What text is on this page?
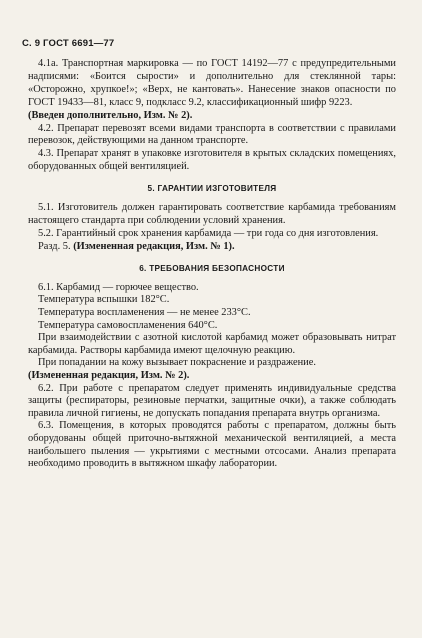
С. 9 ГОСТ 6691—77

4.1а. Транспортная маркировка — по ГОСТ 14192—77 с предупредительными надписями: «Боится сырости» и дополнительно для стеклянной тары: «Осторожно, хрупкое!»; «Верх, не кантовать». Нанесение знаков опасности по ГОСТ 19433—81, класс 9, подкласс 9.2, классификационный шифр 9223.

(Введен дополнительно, Изм. № 2).

4.2. Препарат перевозят всеми видами транспорта в соответствии с правилами перевозок, действующими на данном транспорте.

4.3. Препарат хранят в упаковке изготовителя в крытых складских помещениях, оборудованных общей вентиляцией.

5. ГАРАНТИИ ИЗГОТОВИТЕЛЯ

5.1. Изготовитель должен гарантировать соответствие карбамида требованиям настоящего стандарта при соблюдении условий хранения.

5.2. Гарантийный срок хранения карбамида — три года со дня изготовления.

Разд. 5. (Измененная редакция, Изм. № 1).

6. ТРЕБОВАНИЯ БЕЗОПАСНОСТИ

6.1. Карбамид — горючее вещество.

Температура вспышки 182°С.

Температура воспламенения — не менее 233°С.

Температура самовоспламенения 640°С.

При взаимодействии с азотной кислотой карбамид может образовывать нитрат карбамида. Растворы карбамида имеют щелочную реакцию.

При попадании на кожу вызывает покраснение и раздражение.

(Измененная редакция, Изм. № 2).

6.2. При работе с препаратом следует применять индивидуальные средства защиты (респираторы, резиновые перчатки, защитные очки), а также соблюдать правила личной гигиены, не допускать попадания препарата внутрь организма.

6.3. Помещения, в которых проводятся работы с препаратом, должны быть оборудованы общей приточно-вытяжной механической вентиляцией, а места наибольшего пыления — укрытиями с местными отсосами. Анализ препарата необходимо проводить в вытяжном шкафу лаборатории.
